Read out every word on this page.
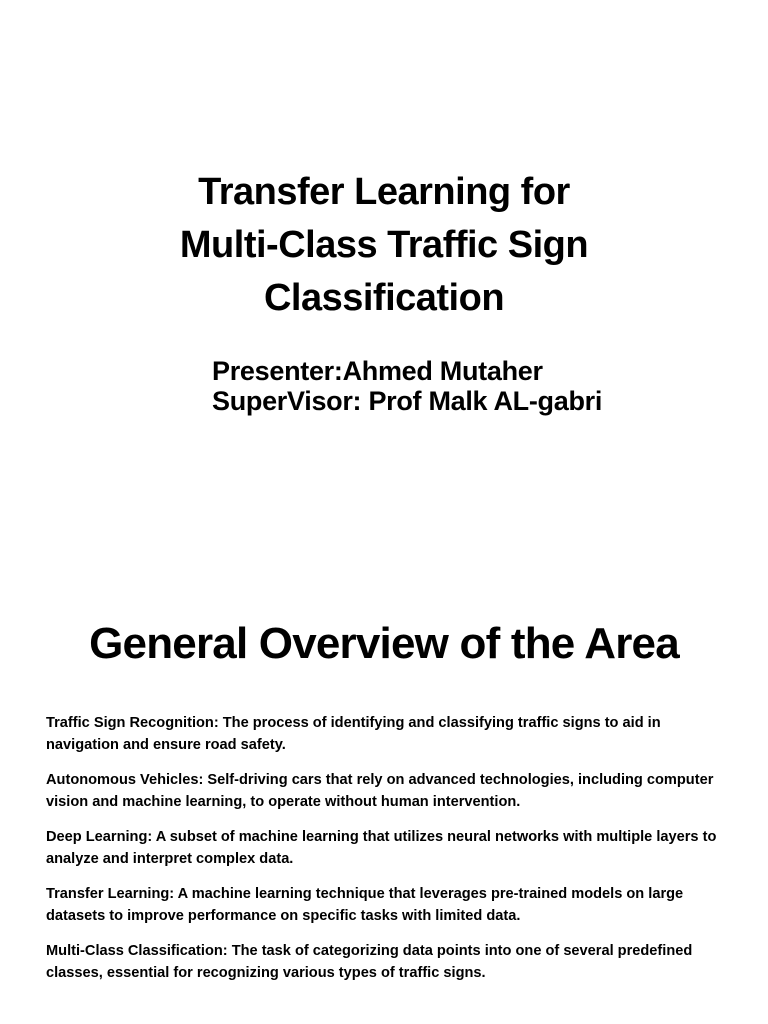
Transfer Learning for
Multi-Class Traffic Sign
Classification
Presenter:Ahmed Mutaher
SuperVisor: Prof Malk AL-gabri
General Overview of the Area
Traffic Sign Recognition: The process of identifying and classifying traffic signs to aid in navigation and ensure road safety.
Autonomous Vehicles: Self-driving cars that rely on advanced technologies, including computer vision and machine learning, to operate without human intervention.
Deep Learning: A subset of machine learning that utilizes neural networks with multiple layers to analyze and interpret complex data.
Transfer Learning: A machine learning technique that leverages pre-trained models on large datasets to improve performance on specific tasks with limited data.
Multi-Class Classification: The task of categorizing data points into one of several predefined classes, essential for recognizing various types of traffic signs.
